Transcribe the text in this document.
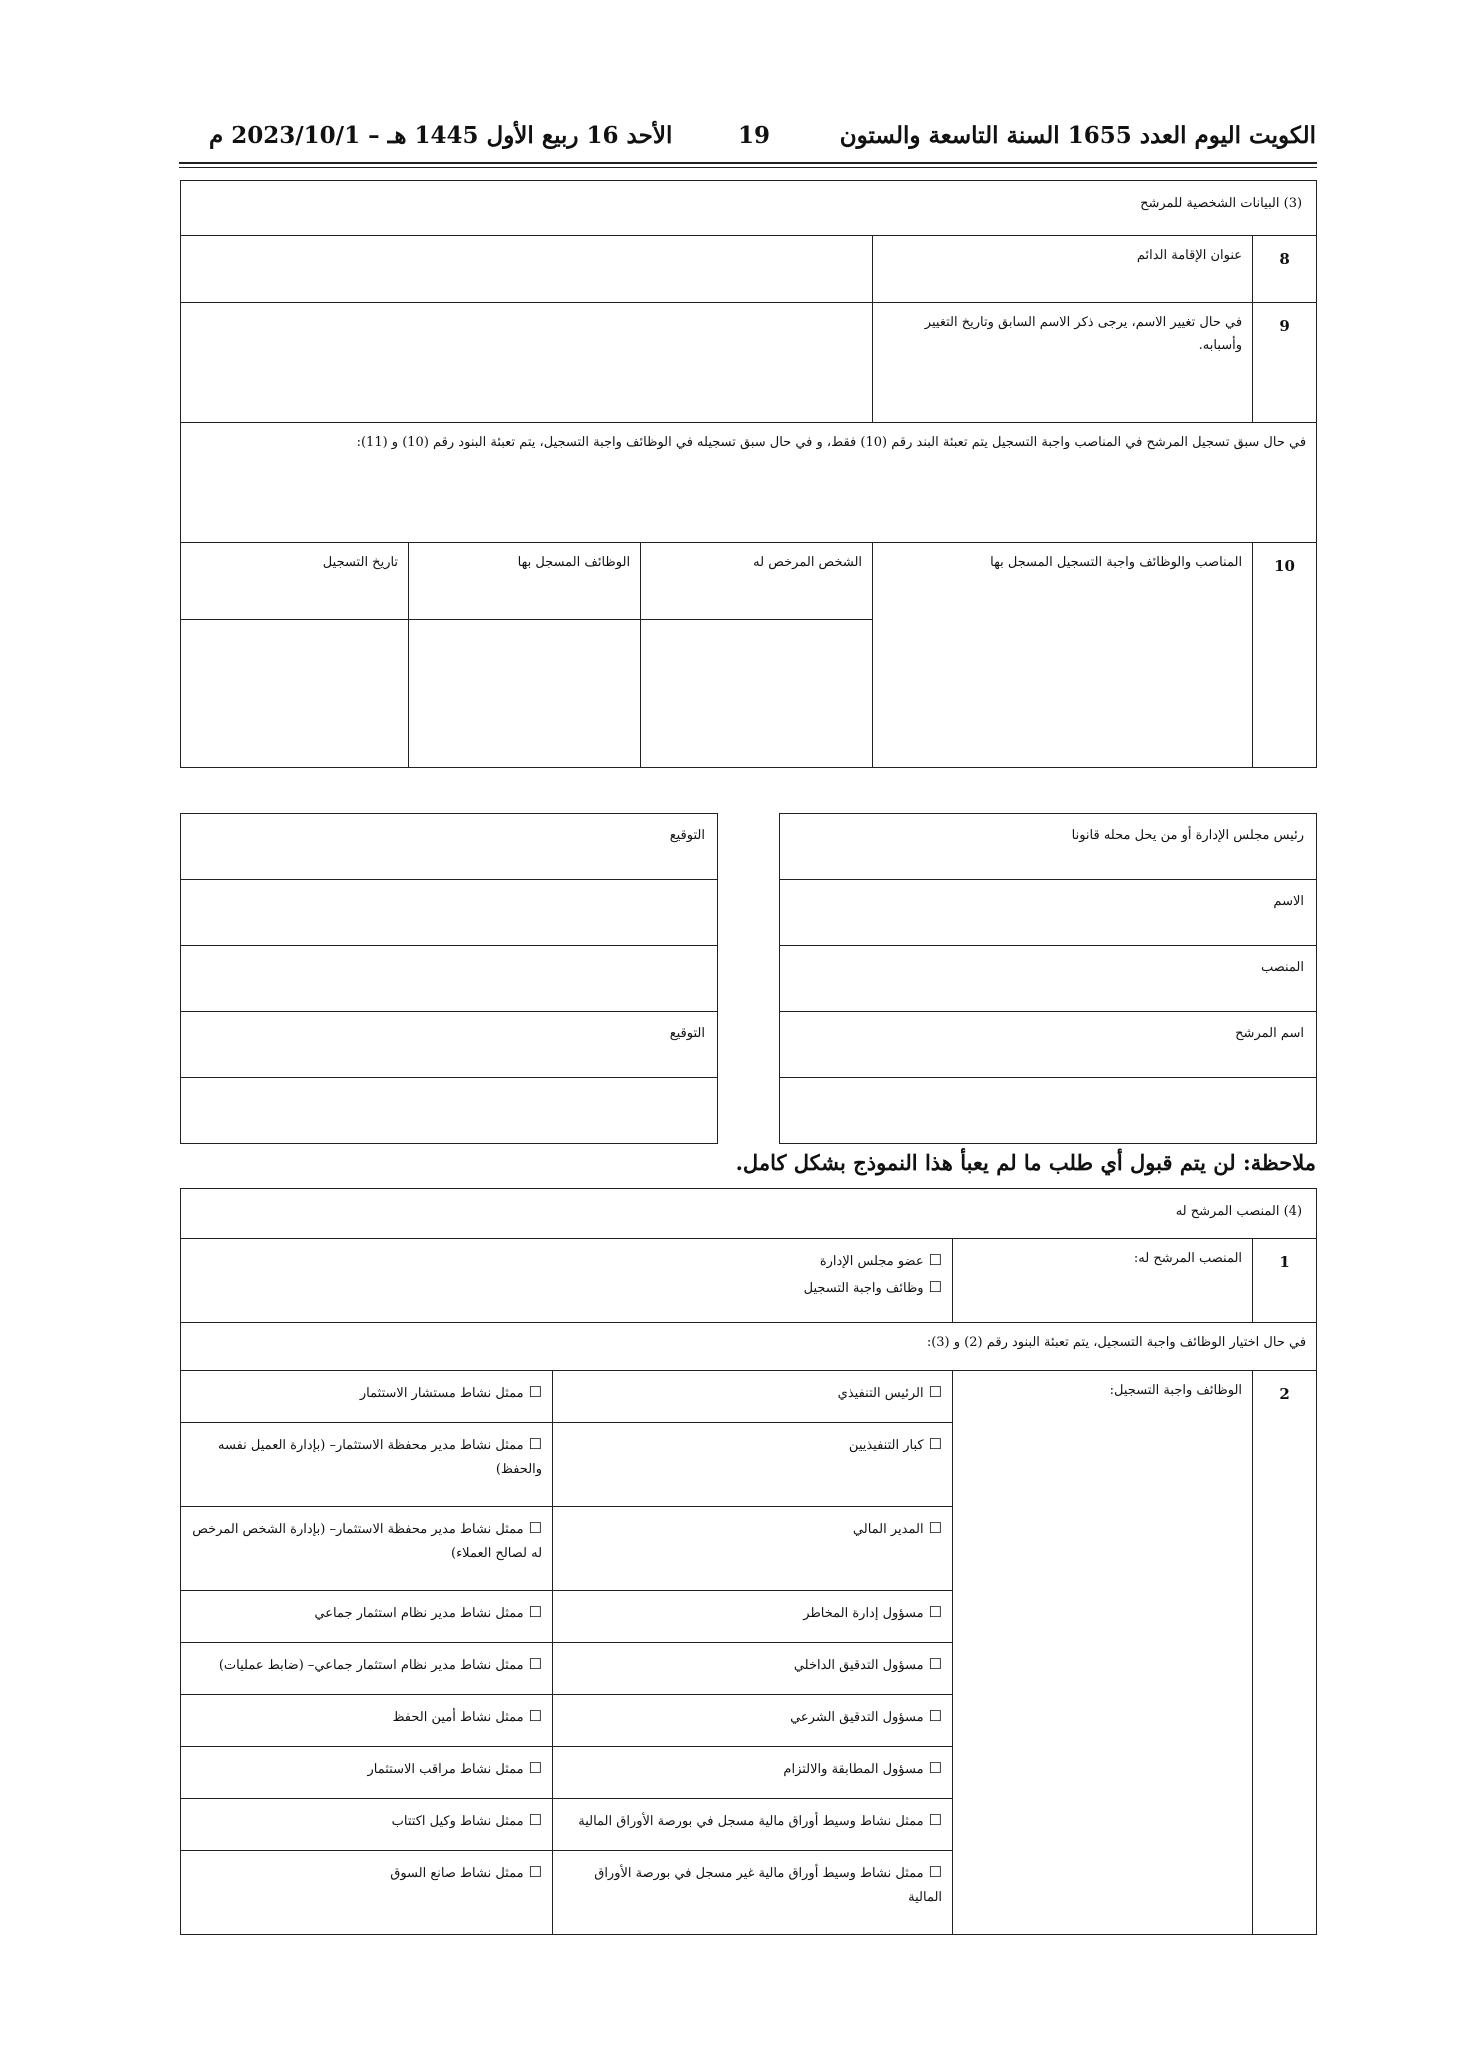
الكويت اليوم العدد 1655 السنة التاسعة والستون
19
الأحد 16 ربيع الأول 1445 هـ – 2023/10/1 م
(3) البيانات الشخصية للمرشح				
8	عنوان الإقامة الدائم			
9	في حال تغيير الاسم، يرجى ذكر الاسم السابق وتاريخ التغيير وأسبابه.			
في حال سبق تسجيل المرشح في المناصب واجبة التسجيل يتم تعبئة البند رقم (10) فقط، و في حال سبق تسجيله في الوظائف واجبة التسجيل، يتم تعبئة البنود رقم (10) و (11):				
10	المناصب والوظائف واجبة التسجيل المسجل بها	الشخص المرخص له	الوظائف المسجل بها	تاريخ التسجيل

رئيس مجلس الإدارة أو من يحل محله قانونا
الاسم
المنصب
اسم المرشح

التوقيع

التوقيع

ملاحظة: لن يتم قبول أي طلب ما لم يعبأ هذا النموذج بشكل كامل.
(4) المنصب المرشح له			
1	المنصب المرشح له:	☐ عضو مجلس الإدارة
☐ وظائف واجبة التسجيل

في حال اختيار الوظائف واجبة التسجيل، يتم تعبئة البنود رقم (2) و (3):			
2	الوظائف واجبة التسجيل:	☐ الرئيس التنفيذي	☐ ممثل نشاط مستشار الاستثمار

		☐ كبار التنفيذيين	☐ ممثل نشاط مدير محفظة الاستثمار– (بإدارة العميل نفسه والحفظ)

		☐ المدير المالي	☐ ممثل نشاط مدير محفظة الاستثمار– (بإدارة الشخص المرخص له لصالح العملاء)

		☐ مسؤول إدارة المخاطر	☐ ممثل نشاط مدير نظام استثمار جماعي

		☐ مسؤول التدقيق الداخلي	☐ ممثل نشاط مدير نظام استثمار جماعي– (ضابط عمليات)

		☐ مسؤول التدقيق الشرعي	☐ ممثل نشاط أمين الحفظ

		☐ مسؤول المطابقة والالتزام	☐ ممثل نشاط مراقب الاستثمار

		☐ ممثل نشاط وسيط أوراق مالية مسجل في بورصة الأوراق المالية	☐ ممثل نشاط وكيل اكتتاب

		☐ ممثل نشاط وسيط أوراق مالية غير مسجل في بورصة الأوراق المالية	☐ ممثل نشاط صانع السوق
